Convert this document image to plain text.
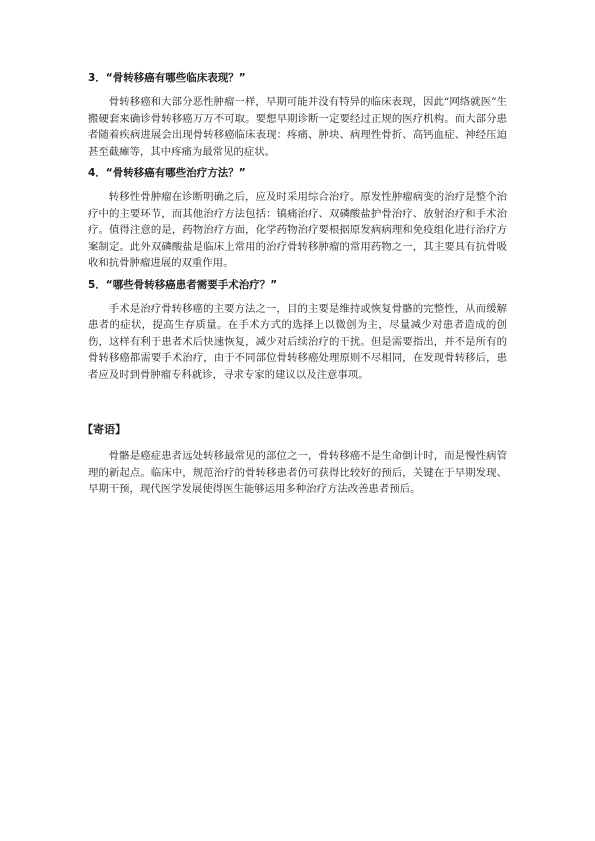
3．“骨转移癌有哪些临床表现？”

骨转移癌和大部分恶性肿瘤一样，早期可能并没有特异的临床表现，因此“网络就医”生搬硬套来确诊骨转移癌万万不可取。要想早期诊断一定要经过正规的医疗机构。而大部分患者随着疾病进展会出现骨转移癌临床表现：疼痛、肿块、病理性骨折、高钙血症、神经压迫甚至截瘫等，其中疼痛为最常见的症状。

4．“骨转移癌有哪些治疗方法？”

转移性骨肿瘤在诊断明确之后，应及时采用综合治疗。原发性肿瘤病变的治疗是整个治疗中的主要环节，而其他治疗方法包括：镇痛治疗、双磷酸盐护骨治疗、放射治疗和手术治疗。值得注意的是，药物治疗方面，化学药物治疗要根据原发病病理和免疫组化进行治疗方案制定。此外双磷酸盐是临床上常用的治疗骨转移肿瘤的常用药物之一，其主要具有抗骨吸收和抗骨肿瘤进展的双重作用。

5．“哪些骨转移癌患者需要手术治疗？”

手术是治疗骨转移癌的主要方法之一，目的主要是维持或恢复骨骼的完整性，从而缓解患者的症状，提高生存质量。在手术方式的选择上以微创为主，尽量减少对患者造成的创伤，这样有利于患者术后快速恢复，减少对后续治疗的干扰。但是需要指出，并不是所有的骨转移癌都需要手术治疗，由于不同部位骨转移癌处理原则不尽相同，在发现骨转移后，患者应及时到骨肿瘤专科就诊，寻求专家的建议以及注意事项。

【寄语】

骨骼是癌症患者远处转移最常见的部位之一，骨转移癌不是生命倒计时，而是慢性病管理的新起点。临床中，规范治疗的骨转移患者仍可获得比较好的预后，关键在于早期发现、早期干预，现代医学发展使得医生能够运用多种治疗方法改善患者预后。
